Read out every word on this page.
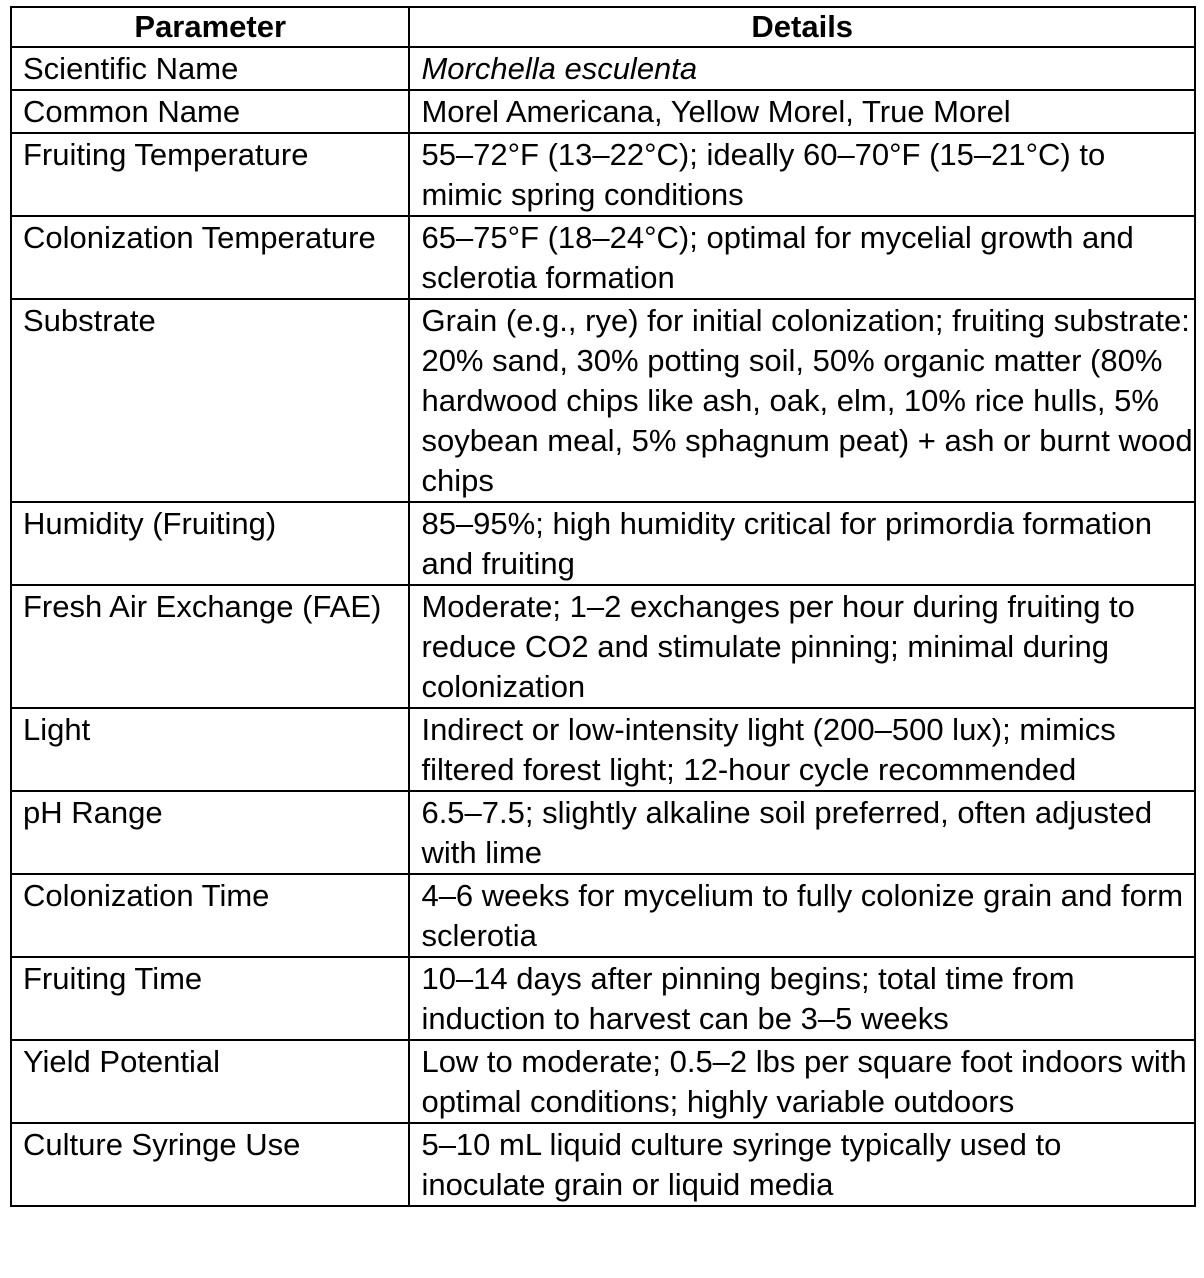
Parameter	Details
Scientific Name	Morchella esculenta
Common Name	Morel Americana, Yellow Morel, True Morel
Fruiting Temperature	55–72°F (13–22°C); ideally 60–70°F (15–21°C) to mimic spring conditions
Colonization Temperature	65–75°F (18–24°C); optimal for mycelial growth and sclerotia formation
Substrate	Grain (e.g., rye) for initial colonization; fruiting substrate: 20% sand, 30% potting soil, 50% organic matter (80% hardwood chips like ash, oak, elm, 10% rice hulls, 5% soybean meal, 5% sphagnum peat) + ash or burnt wood chips
Humidity (Fruiting)	85–95%; high humidity critical for primordia formation and fruiting
Fresh Air Exchange (FAE)	Moderate; 1–2 exchanges per hour during fruiting to reduce CO2 and stimulate pinning; minimal during colonization
Light	Indirect or low-intensity light (200–500 lux); mimics filtered forest light; 12-hour cycle recommended
pH Range	6.5–7.5; slightly alkaline soil preferred, often adjusted with lime
Colonization Time	4–6 weeks for mycelium to fully colonize grain and form sclerotia
Fruiting Time	10–14 days after pinning begins; total time from induction to harvest can be 3–5 weeks
Yield Potential	Low to moderate; 0.5–2 lbs per square foot indoors with optimal conditions; highly variable outdoors
Culture Syringe Use	5–10 mL liquid culture syringe typically used to inoculate grain or liquid media
